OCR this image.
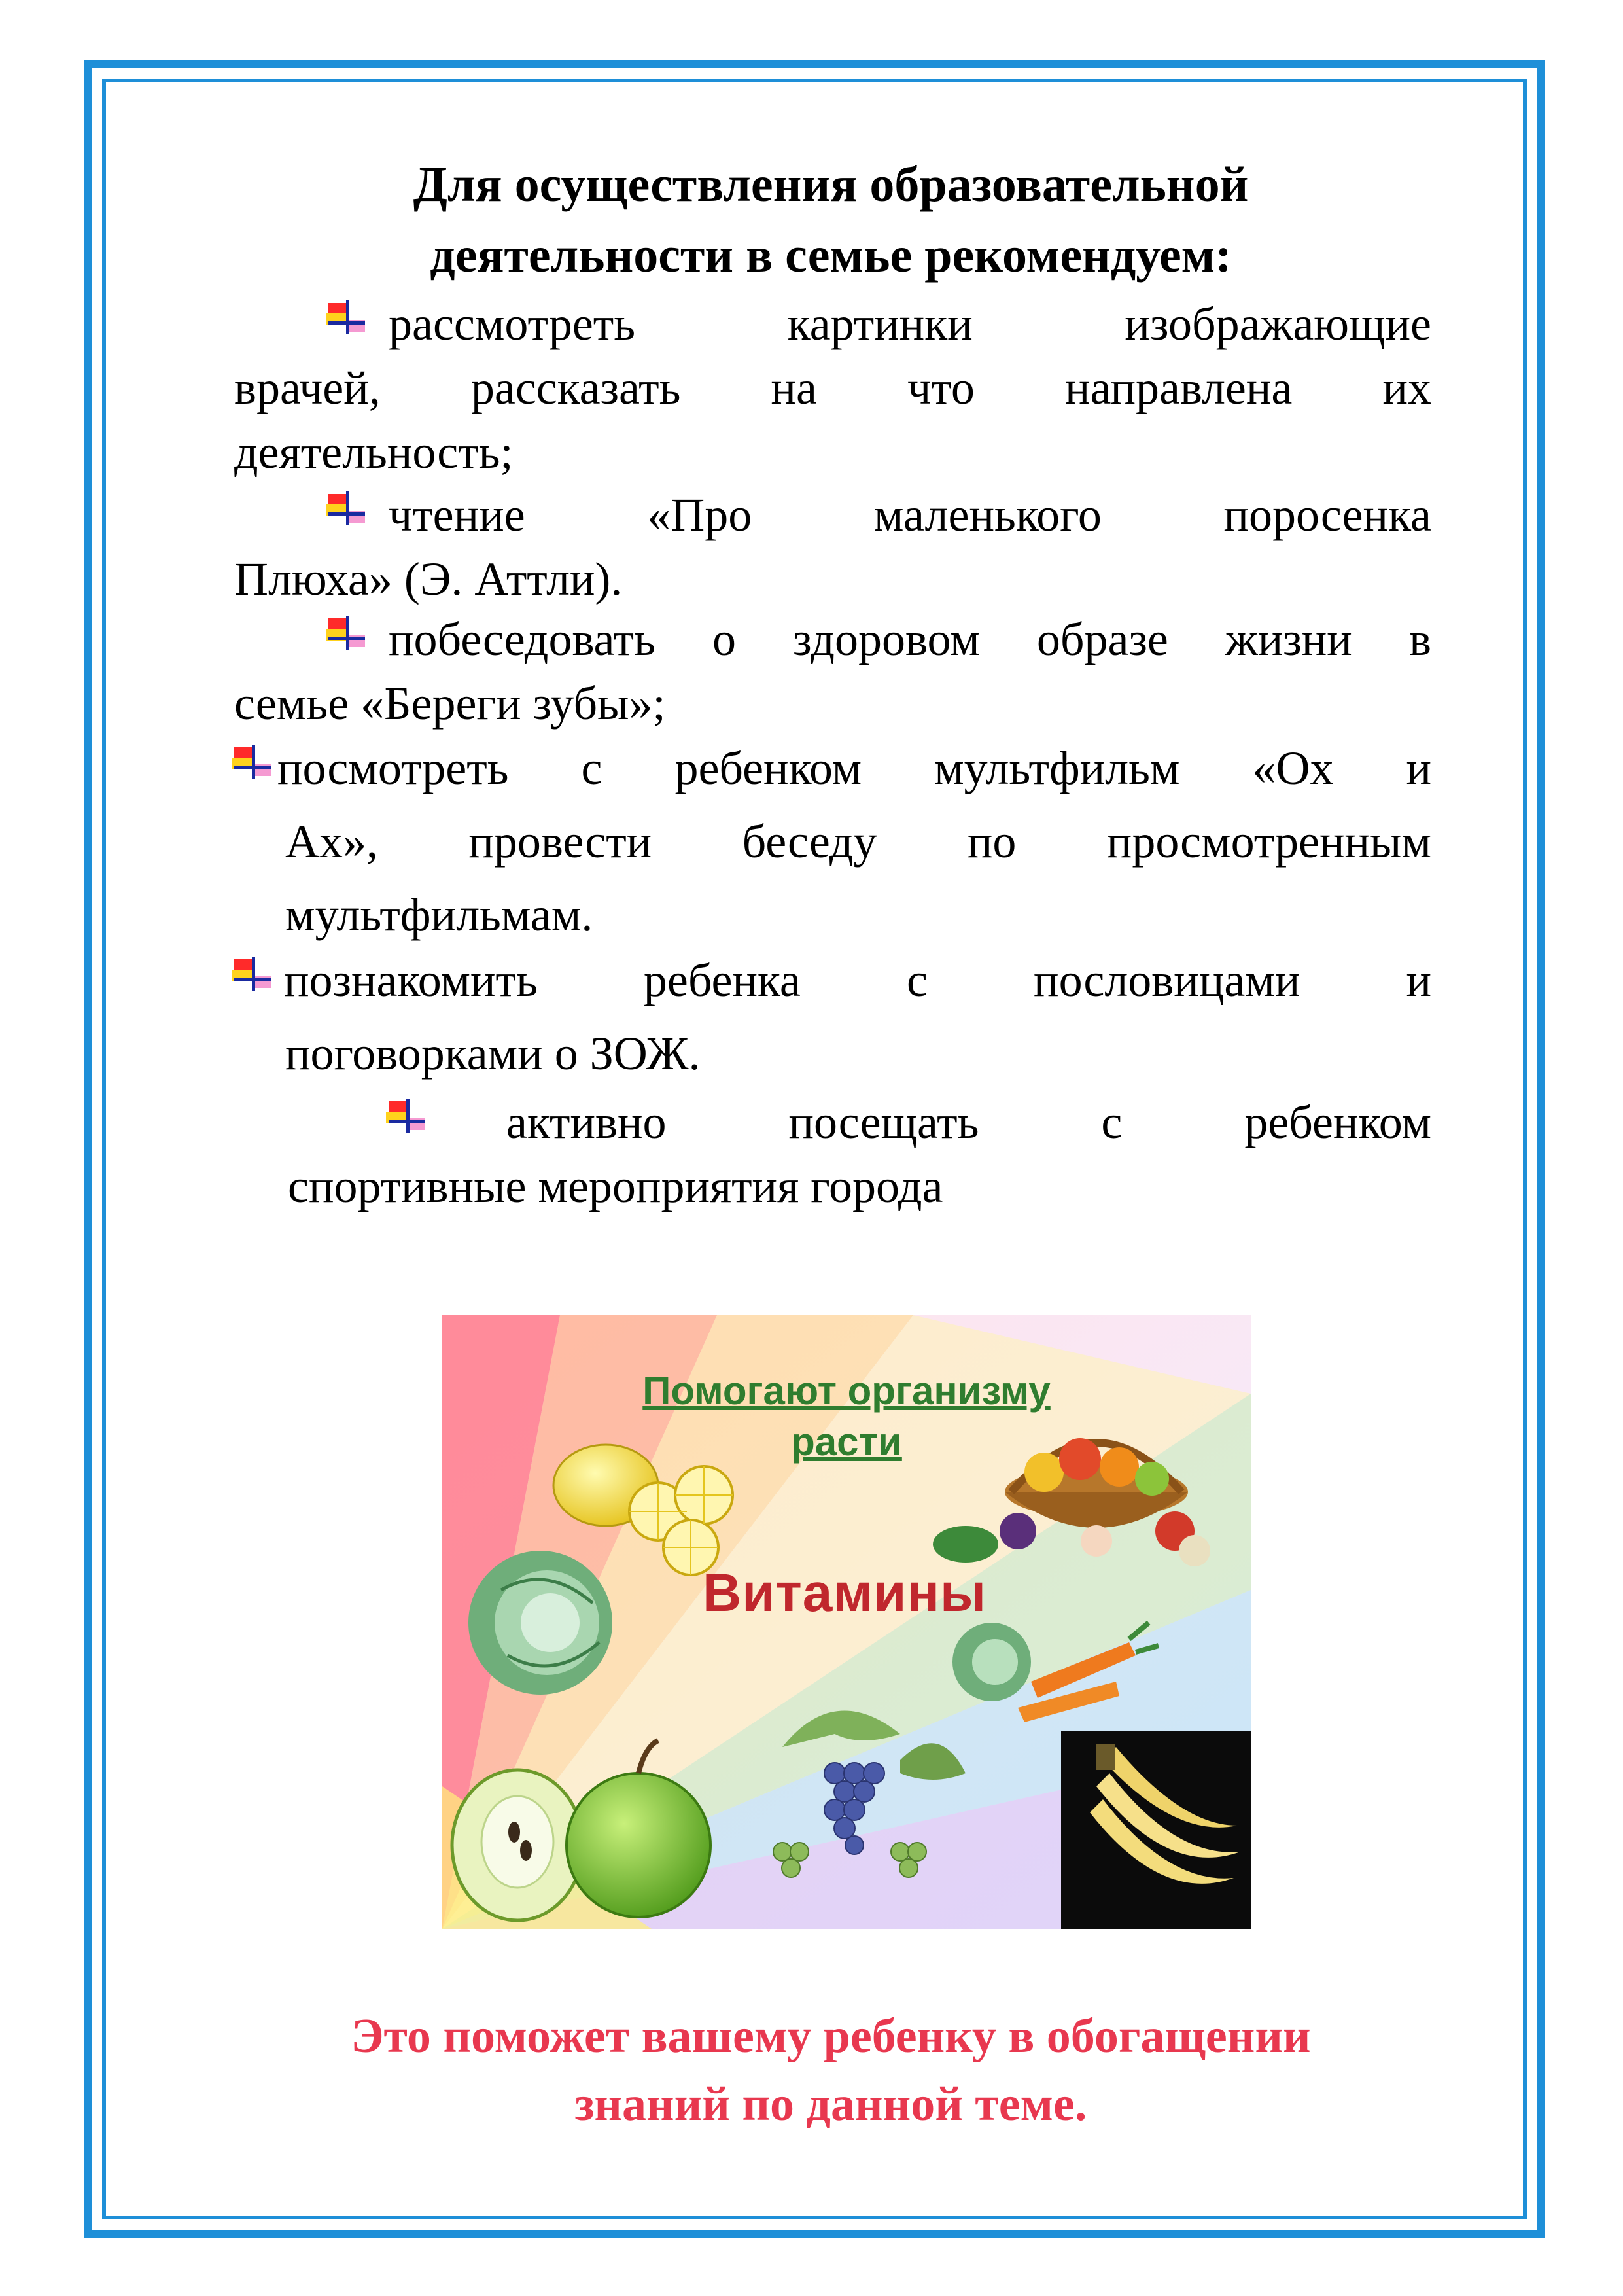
Для осуществления образовательной
деятельности в семье рекомендуем:
рассмотреть картинки изображающие
врачей, рассказать на что направлена их
деятельность;
чтение «Про маленького поросенка
Плюха» (Э. Аттли).
побеседовать о здоровом образе жизни в
семье «Береги зубы»;
посмотреть с ребенком мультфильм «Ох и
Ах», провести беседу по просмотренным
мультфильмам.
познакомить ребенка с пословицами и
поговорками о ЗОЖ.
активно посещать с ребенком
спортивные мероприятия города
Помогают организму
расти
Витамины
Это поможет вашему ребенку в обогащении
знаний по данной теме.
